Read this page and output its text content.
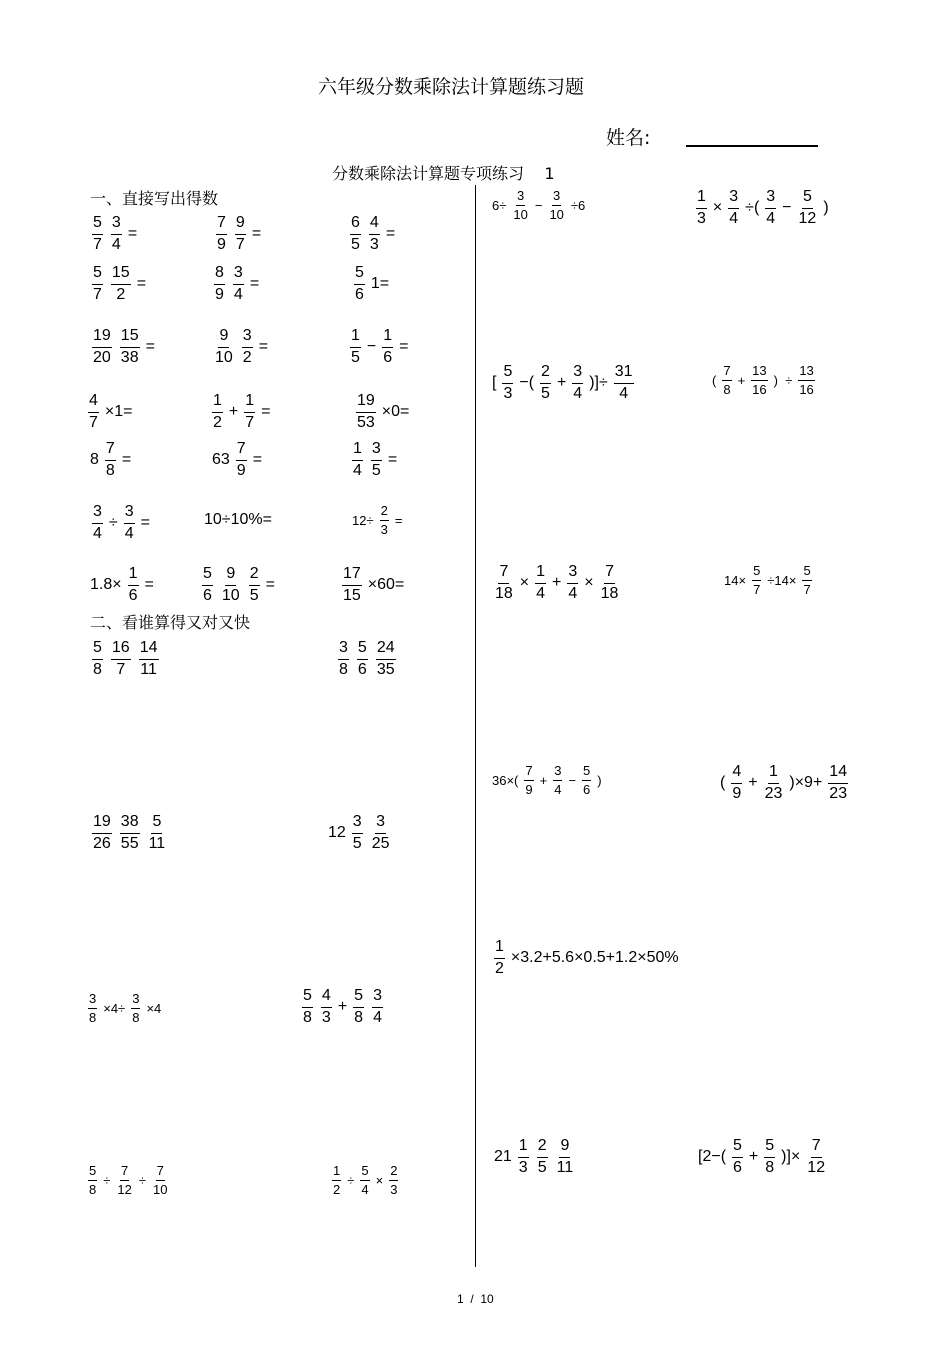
六年级分数乘除法计算题练习题
姓名:
分数乘除法计算题专项练习    1
一、直接写出得数
二、看谁算得又对又快
$\frac{5}{7} \frac{3}{4}$ =	$\frac{7}{9} \frac{9}{7}$ =	$\frac{6}{5} \frac{4}{3}$ =
$\frac{5}{7} \frac{15}{2}$ =	$\frac{8}{9} \frac{3}{4}$ =	$\frac{5}{6} 1=$
$\frac{19}{20} \frac{15}{38}$ =	$\frac{9}{10} \frac{3}{2}$ =	$\frac{1}{5} - \frac{1}{6}$ =
$\frac{4}{7} \times 1=$	$\frac{1}{2} + \frac{1}{7}$ =	$\frac{19}{53} \times 0=$
$8 \frac{7}{8}$ =	$63 \frac{7}{9}$ =	$\frac{1}{4} \frac{3}{5}$ =
$\frac{3}{4} \div \frac{3}{4}$ =	10÷10%=	$12\div \frac{2}{3}$ =
$1.8\times \frac{1}{6}$ =	$\frac{5}{6} \frac{9}{10} \frac{2}{5}$ =	$\frac{17}{15} \times 60=$
$\frac{5}{8} \frac{16}{7} \frac{14}{11}$	$\frac{3}{8} \frac{5}{6} \frac{24}{35}$
$\frac{19}{26} \frac{38}{55} \frac{5}{11}$	$12 \frac{3}{5} \frac{3}{25}$
$\frac{3}{8} \times 4\div \frac{3}{8} \times 4$	$\frac{5}{8} \frac{4}{3} + \frac{5}{8} \frac{3}{4}$
$\frac{5}{8} \div \frac{7}{12} \div \frac{7}{10}$	$\frac{1}{2} \div \frac{5}{4} \times \frac{2}{3}$
$6\div \frac{3}{10} - \frac{3}{10} \div 6$	$\frac{1}{3} \times \frac{3}{4}$ ÷( $\frac{3}{4} - \frac{5}{12}$ )
[ $\frac{5}{3}$ −( $\frac{2}{5} + \frac{3}{4}$ )]÷ $\frac{31}{4}$	( $\frac{7}{8} + \frac{13}{16}$ )  ÷ $\frac{13}{16}$
$\frac{7}{18} \times \frac{1}{4} + \frac{3}{4} \times \frac{7}{18}$	$14\times \frac{5}{7} \div 14\times \frac{5}{7}$
$36\times( \frac{7}{9} + \frac{3}{4} - \frac{5}{6}$ )	( $\frac{4}{9} + \frac{1}{23} )\times 9+ \frac{14}{23}$
$\frac{1}{2} \times 3.2+5.6\times 0.5+1.2\times 50\%$
$21 \frac{1}{3} \frac{2}{5} \frac{9}{11}$	[$2-( \frac{5}{6} + \frac{5}{8}$ )]× $\frac{7}{12}$
1  /  10
